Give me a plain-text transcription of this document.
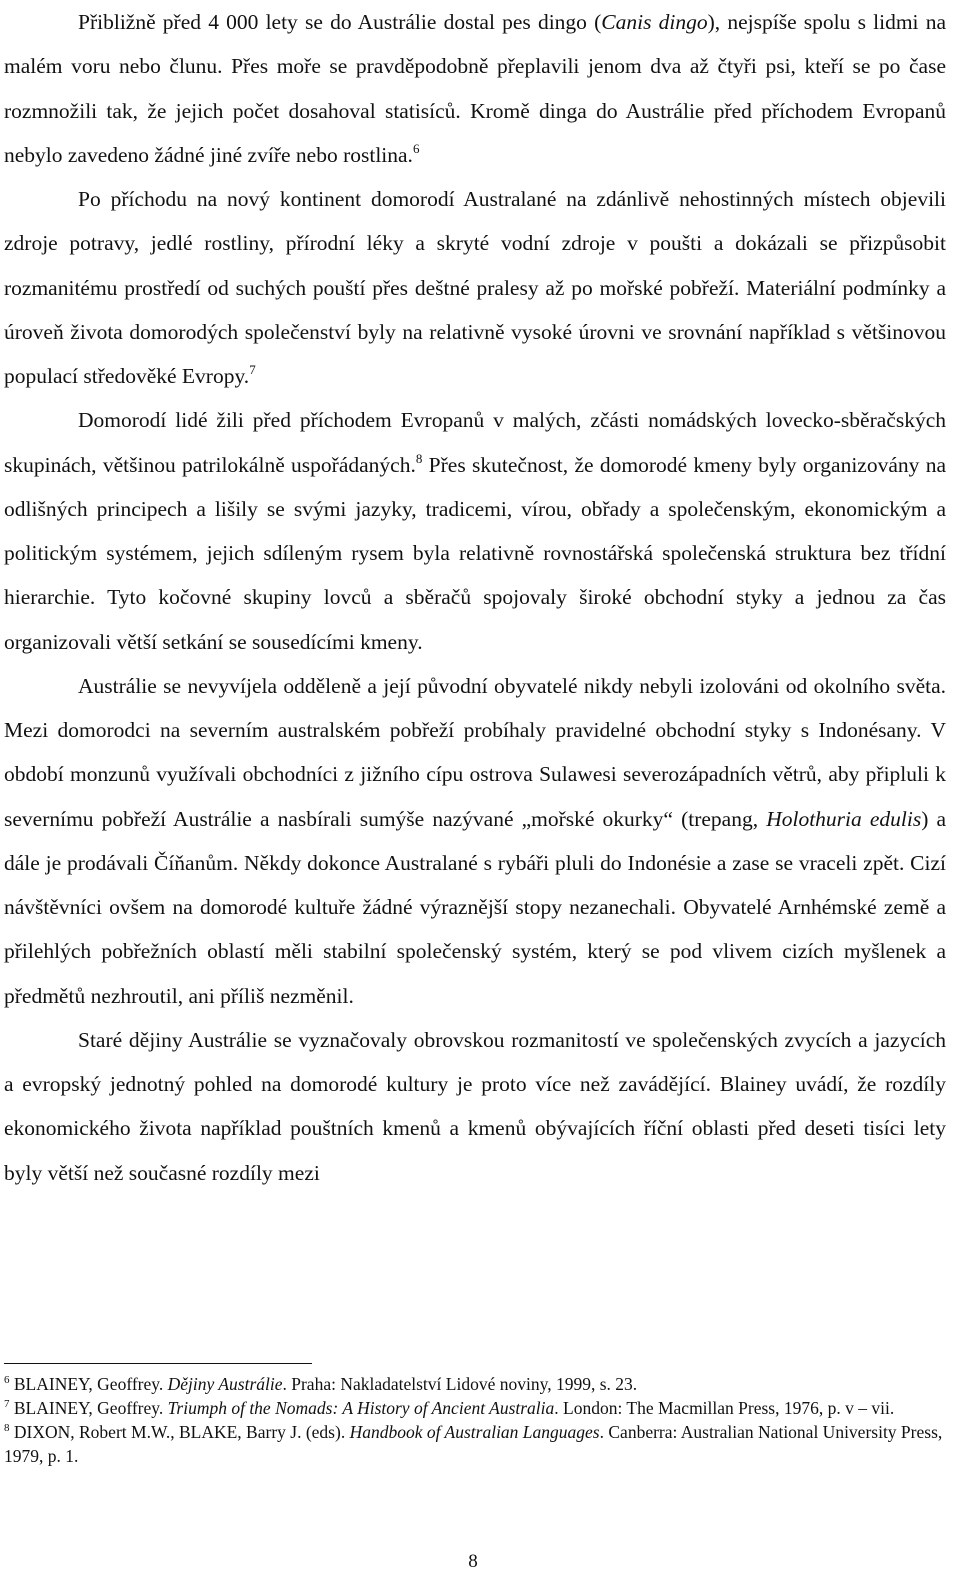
Přibližně před 4 000 lety se do Austrálie dostal pes dingo (Canis dingo), nejspíše spolu s lidmi na malém voru nebo člunu. Přes moře se pravděpodobně přeplavili jenom dva až čtyři psi, kteří se po čase rozmnožili tak, že jejich počet dosahoval statisíců. Kromě dinga do Austrálie před příchodem Evropanů nebylo zavedeno žádné jiné zvíře nebo rostlina.$^6$

Po příchodu na nový kontinent domorodí Australané na zdánlivě nehostinných místech objevili zdroje potravy, jedlé rostliny, přírodní léky a skryté vodní zdroje v poušti a dokázali se přizpůsobit rozmanitému prostředí od suchých pouští přes deštné pralesy až po mořské pobřeží. Materiální podmínky a úroveň života domorodých společenství byly na relativně vysoké úrovni ve srovnání například s většinovou populací středověké Evropy.$^7$

Domorodí lidé žili před příchodem Evropanů v malých, zčásti nomádských lovecko-sběračských skupinách, většinou patrilokálně uspořádaných.$^8$ Přes skutečnost, že domorodé kmeny byly organizovány na odlišných principech a lišily se svými jazyky, tradicemi, vírou, obřady a společenským, ekonomickým a politickým systémem, jejich sdíleným rysem byla relativně rovnostářská společenská struktura bez třídní hierarchie. Tyto kočovné skupiny lovců a sběračů spojovaly široké obchodní styky a jednou za čas organizovali větší setkání se sousedícími kmeny.

Austrálie se nevyvíjela odděleně a její původní obyvatelé nikdy nebyli izolováni od okolního světa. Mezi domorodci na severním australském pobřeží probíhaly pravidelné obchodní styky s Indonésany. V období monzunů využívali obchodníci z jižního cípu ostrova Sulawesi severozápadních větrů, aby připluli k severnímu pobřeží Austrálie a nasbírali sumýše nazývané „mořské okurky“ (trepang, Holothuria edulis) a dále je prodávali Číňanům. Někdy dokonce Australané s rybáři pluli do Indonésie a zase se vraceli zpět. Cizí návštěvníci ovšem na domorodé kultuře žádné výraznější stopy nezanechali. Obyvatelé Arnhémské země a přilehlých pobřežních oblastí měli stabilní společenský systém, který se pod vlivem cizích myšlenek a předmětů nezhroutil, ani příliš nezměnil.

Staré dějiny Austrálie se vyznačovaly obrovskou rozmanitostí ve společenských zvycích a jazycích a evropský jednotný pohled na domorodé kultury je proto více než zavádějící. Blainey uvádí, že rozdíly ekonomického života například pouštních kmenů a kmenů obývajících říční oblasti před deseti tisíci lety byly větší než současné rozdíly mezi

$^6$ BLAINEY, Geoffrey. Dějiny Austrálie. Praha: Nakladatelství Lidové noviny, 1999, s. 23.

$^7$ BLAINEY, Geoffrey. Triumph of the Nomads: A History of Ancient Australia. London: The Macmillan Press, 1976, p. v – vii.

$^8$ DIXON, Robert M.W., BLAKE, Barry J. (eds). Handbook of Australian Languages. Canberra: Australian National University Press, 1979, p. 1.

8
